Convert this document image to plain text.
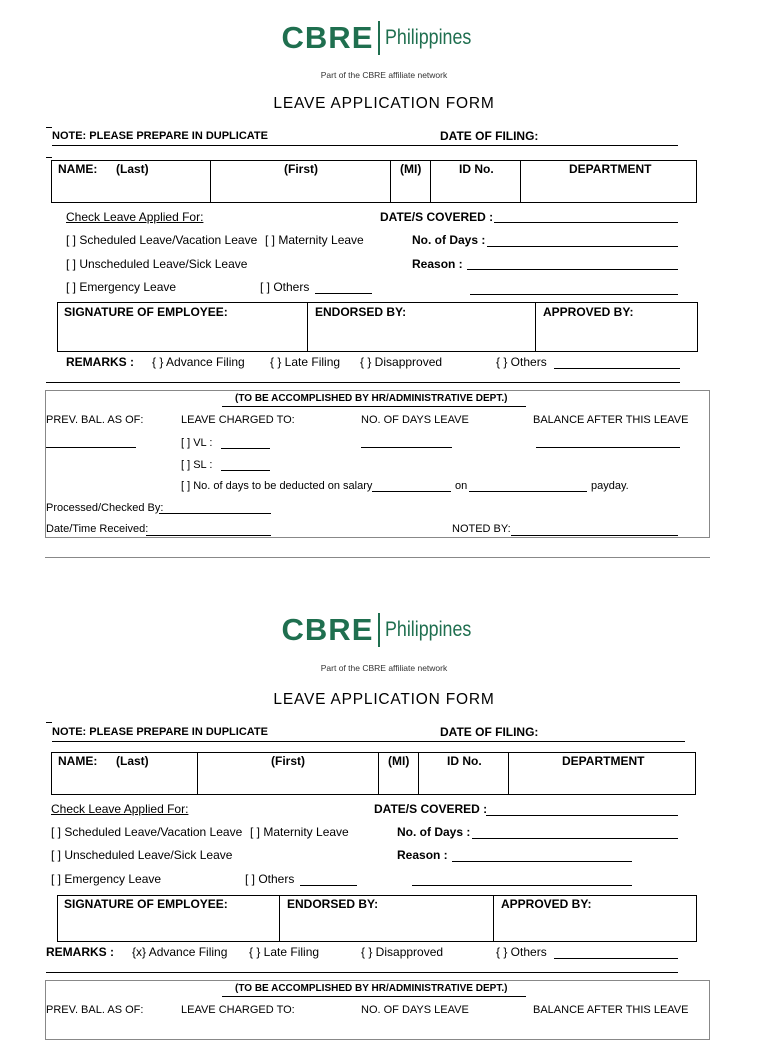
CBRE Philippines
Part of the CBRE affiliate network
LEAVE APPLICATION FORM
NOTE: PLEASE PREPARE IN DUPLICATE	DATE OF FILING:
NAME: (Last)	(First)	(MI)	ID No.	DEPARTMENT
Check Leave Applied For:
[ ] Scheduled Leave/Vacation Leave [ ] Maternity Leave
[ ] Unscheduled Leave/Sick Leave
[ ] Emergency Leave	[ ] Others
DATE/S COVERED :
No. of Days :
Reason :
SIGNATURE OF EMPLOYEE:	ENDORSED BY:	APPROVED BY:
REMARKS : { } Advance Filing { } Late Filing { } Disapproved	{ } Others
(TO BE ACCOMPLISHED BY HR/ADMINISTRATIVE DEPT.)
PREV. BAL. AS OF:	LEAVE CHARGED TO:	NO. OF DAYS LEAVE	BALANCE AFTER THIS LEAVE
[ ] VL :
[ ] SL :
[ ] No. of days to be deducted on salary	on	payday.
Processed/Checked By:
Date/Time Received:	NOTED BY:
CBRE Philippines
Part of the CBRE affiliate network
LEAVE APPLICATION FORM
NOTE: PLEASE PREPARE IN DUPLICATE	DATE OF FILING:
NAME: (Last)	(First)	(MI)	ID No.	DEPARTMENT
Check Leave Applied For:
[ ] Scheduled Leave/Vacation Leave [ ] Maternity Leave
[ ] Unscheduled Leave/Sick Leave
[ ] Emergency Leave	[ ] Others
DATE/S COVERED :
No. of Days :
Reason :
SIGNATURE OF EMPLOYEE:	ENDORSED BY:	APPROVED BY:
REMARKS : {x} Advance Filing { } Late Filing	{ } Disapproved	{ } Others
(TO BE ACCOMPLISHED BY HR/ADMINISTRATIVE DEPT.)
PREV. BAL. AS OF:	LEAVE CHARGED TO:	NO. OF DAYS LEAVE	BALANCE AFTER THIS LEAVE
